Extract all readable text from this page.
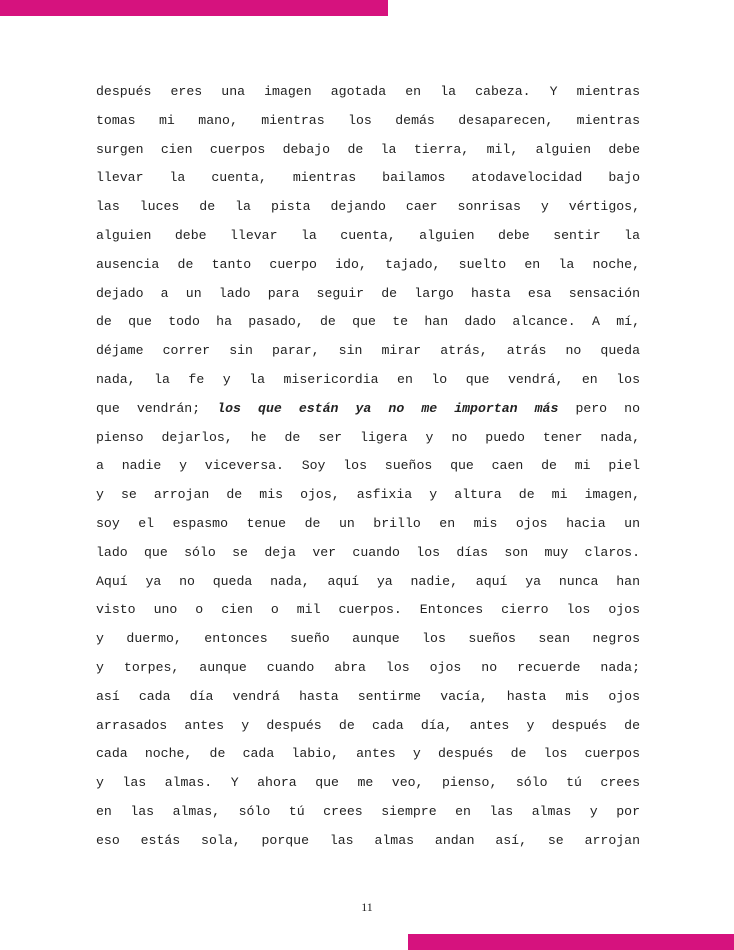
después eres una imagen agotada en la cabeza. Y mientras
tomas mi mano, mientras los demás desaparecen, mientras
surgen cien cuerpos debajo de la tierra, mil, alguien debe
llevar la cuenta, mientras bailamos atodavelocidad bajo
las luces de la pista dejando caer sonrisas y vértigos,
alguien debe llevar la cuenta, alguien debe sentir la
ausencia de tanto cuerpo ido, tajado, suelto en la noche,
dejado a un lado para seguir de largo hasta esa sensación
de que todo ha pasado, de que te han dado alcance. A mí,
déjame correr sin parar, sin mirar atrás, atrás no queda
nada, la fe y la misericordia en lo que vendrá, en los
que vendrán; los que están ya no me importan más pero no
pienso dejarlos, he de ser ligera y no puedo tener nada,
a nadie y viceversa. Soy los sueños que caen de mi piel
y se arrojan de mis ojos, asfixia y altura de mi imagen,
soy el espasmo tenue de un brillo en mis ojos hacia un
lado que sólo se deja ver cuando los días son muy claros.
Aquí ya no queda nada, aquí ya nadie, aquí ya nunca han
visto uno o cien o mil cuerpos. Entonces cierro los ojos
y duermo, entonces sueño aunque los sueños sean negros
y torpes, aunque cuando abra los ojos no recuerde nada;
así cada día vendrá hasta sentirme vacía, hasta mis ojos
arrasados antes y después de cada día, antes y después de
cada noche, de cada labio, antes y después de los cuerpos
y las almas. Y ahora que me veo, pienso, sólo tú crees
en las almas, sólo tú crees siempre en las almas y por
eso estás sola, porque las almas andan así, se arrojan
11
